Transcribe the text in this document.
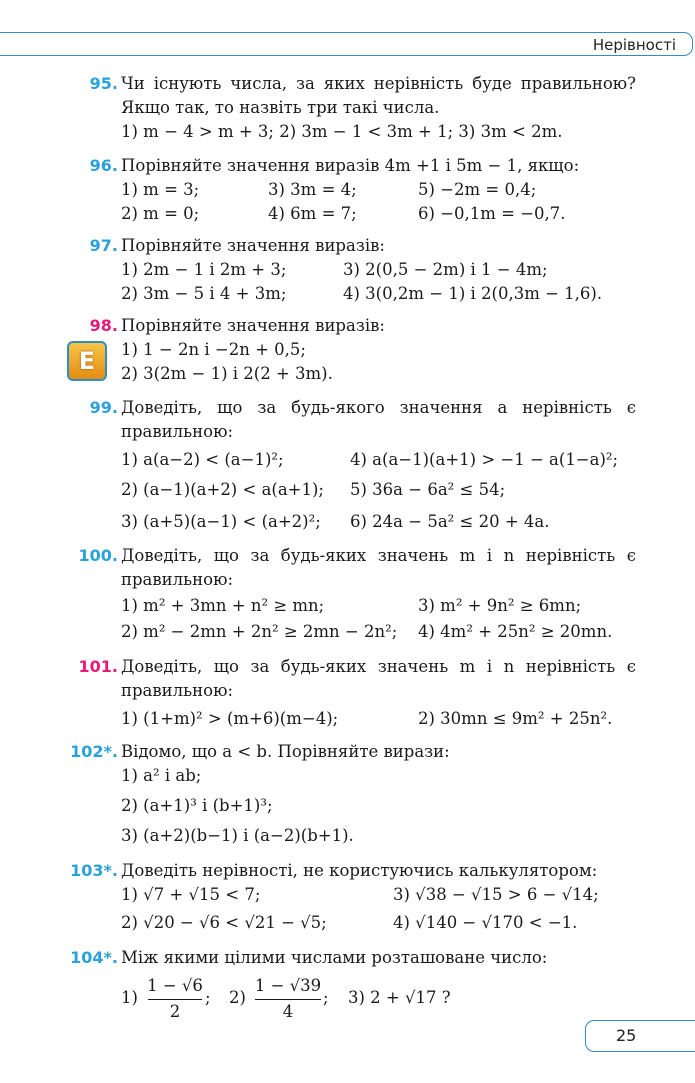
Нерівності
95. Чи існують числа, за яких нерівність буде правильною? Якщо так, то назвіть три такі числа.
1) m − 4 > m + 3; 2) 3m − 1 < 3m + 1; 3) 3m < 2m.
96. Порівняйте значення виразів 4m +1 і 5m − 1, якщо:
1) m = 3;	3) 3m = 4;	5) −2m = 0,4;
2) m = 0;	4) 6m = 7;	6) −0,1m = −0,7.
97. Порівняйте значення виразів:
1) 2m − 1 і 2m + 3;	3) 2(0,5 − 2m) і 1 − 4m;
2) 3m − 5 і 4 + 3m;	4) 3(0,2m − 1) і 2(0,3m − 1,6).
98. Порівняйте значення виразів:
1) 1 − 2n і −2n + 0,5;
2) 3(2m − 1) і 2(2 + 3m).
Е
99. Доведіть, що за будь-якого значення a нерівність є правильною:
1) a(a−2) < (a−1)²;	4) a(a−1)(a+1) > −1 − a(1−a)²;
2) (a−1)(a+2) < a(a+1); 5) 36a − 6a² ≤ 54;
3) (a+5)(a−1) < (a+2)²; 6) 24a − 5a² ≤ 20 + 4a.
100. Доведіть, що за будь-яких значень m і n нерівність є правильною:
1) m² + 3mn + n² ≥ mn;	3) m² + 9n² ≥ 6mn;
2) m² − 2mn + 2n² ≥ 2mn − 2n²; 4) 4m² + 25n² ≥ 20mn.
101. Доведіть, що за будь-яких значень m і n нерівність є правильною:
1) (1+m)² > (m+6)(m−4);	2) 30mn ≤ 9m² + 25n².
102*. Відомо, що a < b. Порівняйте вирази:
1) a² і ab;
2) (a+1)³ і (b+1)³;
3) (a+2)(b−1) і (a−2)(b+1).
103*. Доведіть нерівності, не користуючись калькулятором:
1) √7 + √15 < 7;	3) √38 − √15 > 6 − √14;
2) √20 − √6 < √21 − √5;	4) √140 − √170 < −1.
104*. Між якими цілими числами розташоване число:
1)
1 − √6
2
; 2)
1 − √39
4
; 3) 2 + √17 ?
25
